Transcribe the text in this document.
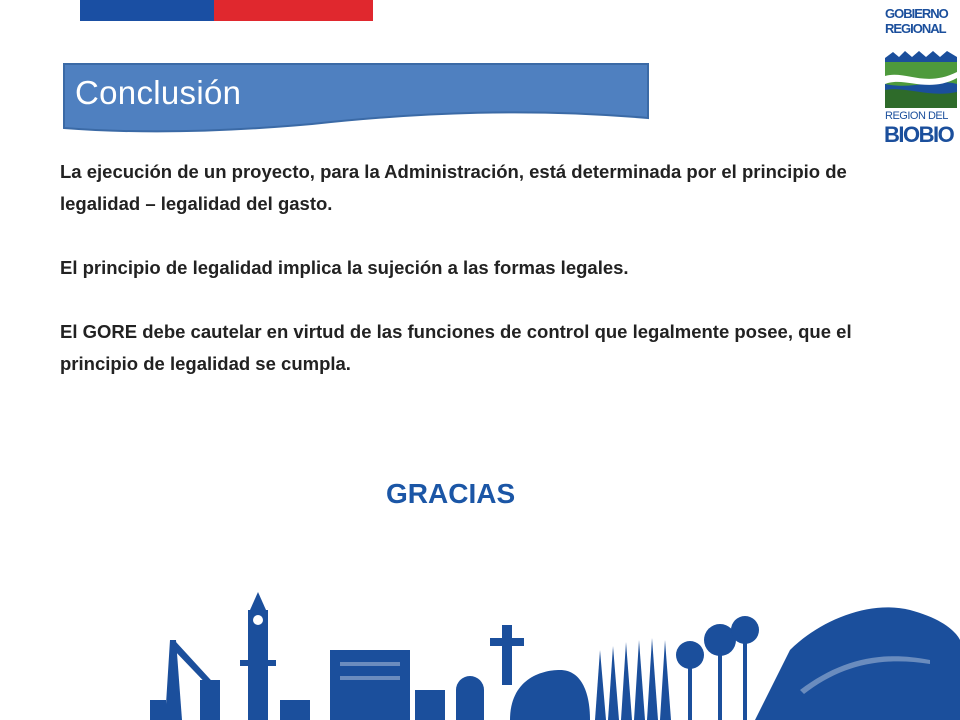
Conclusión
GOBIERNO
REGIONAL
REGION DEL
BIOBIO

La ejecución de un proyecto, para la Administración, está determinada por el principio de legalidad – legalidad del gasto.

El principio de legalidad implica la sujeción a las formas legales.

El GORE debe cautelar en virtud de las funciones de control que legalmente posee, que el principio de legalidad se cumpla.

GRACIAS
